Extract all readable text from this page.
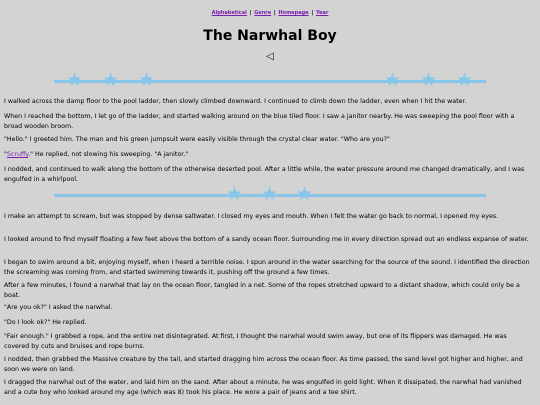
Alphabetical | Genre | Homepage | Year
The Narwhal Boy
◁
★ ★ ★	★ ★ ★

I walked across the damp floor to the pool ladder, then slowly climbed downward. I continued to climb down the ladder, even when I hit the water.

When I reached the bottom, I let go of the ladder, and started walking around on the blue tiled floor. I saw a janitor nearby. He was sweeping the pool floor with a broad wooden broom.

"Hello." I greeted him. The man and his green jumpsuit were easily visible through the crystal clear water. "Who are you?"

"Scruffy." He replied, not slowing his sweeping. "A janitor."

I nodded, and continued to walk along the bottom of the otherwise deserted pool. After a little while, the water pressure around me changed dramatically, and I was engulfed in a whirlpool.

★ ★ ★

I make an attempt to scream, but was stopped by dense saltwater. I closed my eyes and mouth. When I felt the water go back to normal, I opened my eyes.

I looked around to find myself floating a few feet above the bottom of a sandy ocean floor. Surrounding me in every direction spread out an endless expanse of water.

I began to swim around a bit, enjoying myself, when I heard a terrible noise. I spun around in the water searching for the source of the sound. I identified the direction the screaming was coming from, and started swimming towards it, pushing off the ground a few times.

After a few minutes, I found a narwhal that lay on the ocean floor, tangled in a net. Some of the ropes stretched upward to a distant shadow, which could only be a boat.

"Are you ok?" I asked the narwhal.

"Do I look ok?" He replied.

"Fair enough." I grabbed a rope, and the entire net disintegrated. At first, I thought the narwhal would swim away, but one of its flippers was damaged. He was covered by cuts and bruises and rope burns.

I nodded, then grabbed the Massive creature by the tail, and started dragging him across the ocean floor. As time passed, the sand level got higher and higher, and soon we were on land.

I dragged the narwhal out of the water, and laid him on the sand. After about a minute, he was engulfed in gold light. When it dissipated, the narwhal had vanished and a cute boy who looked around my age (which was 8) took his place. He wore a pair of jeans and a tee shirt.
